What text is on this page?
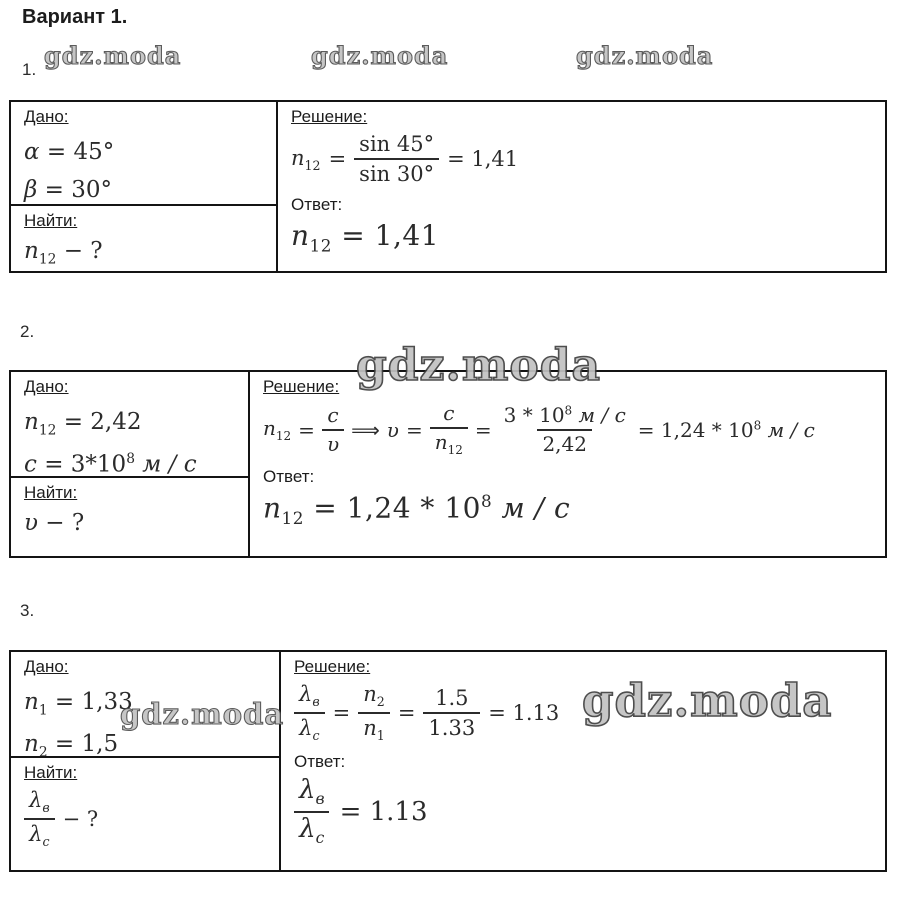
Вариант 1.
gdz.moda	gdz.moda	gdz.moda
gdz.moda
gdz.moda	gdz.moda
1.
2.
3.
Дано:
α = 45°
β = 30°
Найти:
$n_{12}$ − ?
Решение:
$n_{12} = \frac{\sin 45^\circ}{\sin 30^\circ} = 1,41$
Ответ:
$n_{12} = 1,41$
Дано:
$n_{12} = 2,42$
$c = 3*10^8$ м / с
Найти:
υ − ?
Решение:
$n_{12} = \frac{c}{\upsilon}$ ⟹ $\upsilon = \frac{c}{n_{12}} = \frac{3 * 10^8 м / с}{2,42} = 1,24 * 10^8$ м / с
Ответ:
$n_{12} = 1,24 * 10^8$ м / с
Дано:
$n_1 = 1,33$
$n_2 = 1,5$
Найти:
$\frac{\lambda_в}{\lambda_с}$ − ?
Решение:
$\frac{\lambda_в}{\lambda_с} = \frac{n_2}{n_1} = \frac{1.5}{1.33} = 1.13$
Ответ:
$\frac{\lambda_в}{\lambda_с} = 1.13$
